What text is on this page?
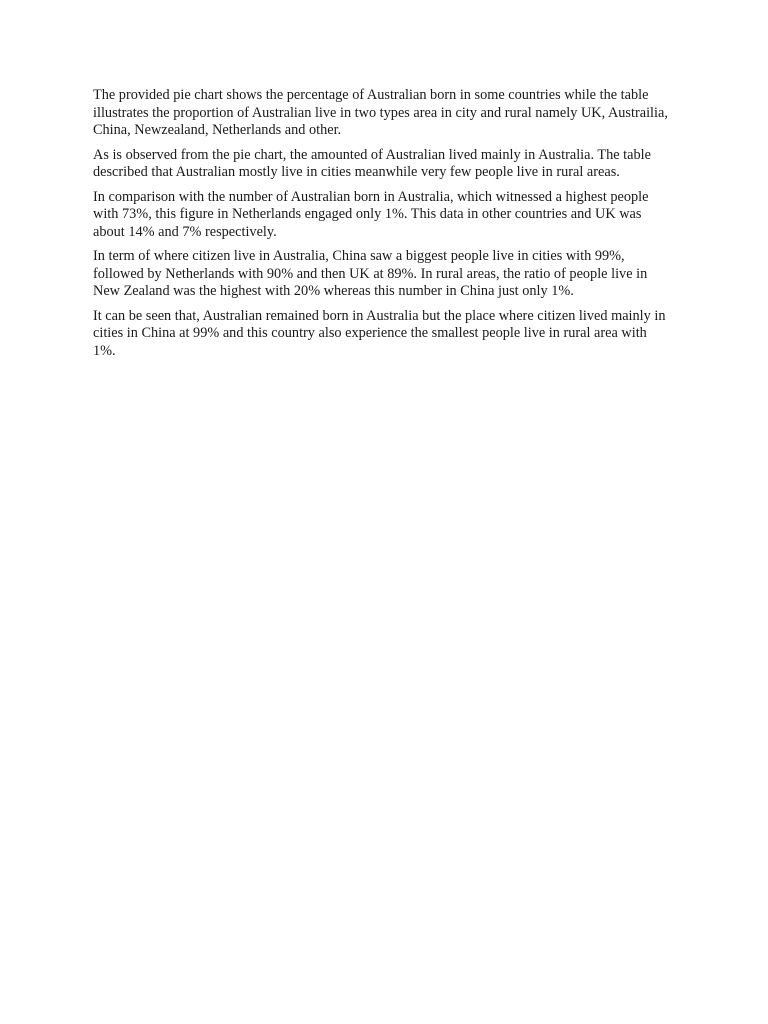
The provided pie chart shows the percentage of Australian born in some countries while the table illustrates the proportion of Australian live in two types area in city and rural namely UK, Austrailia, China, Newzealand, Netherlands and other.

As is observed from the pie chart, the amounted of Australian lived mainly in Australia. The table described that Australian mostly live in cities meanwhile very few people live in rural areas.

In comparison with the number of Australian born in Australia, which witnessed a highest people with 73%, this figure in Netherlands engaged only 1%. This data in other countries and UK was about 14% and 7% respectively.

In term of where citizen live in Australia, China saw a biggest people live in cities with 99%, followed by Netherlands with 90% and then UK at 89%. In rural areas, the ratio of people live in New Zealand was the highest with 20% whereas this number in China just only 1%.

It can be seen that, Australian remained born in Australia but the place where citizen lived mainly in cities in China at 99% and this country also experience the smallest people live in rural area with 1%.
